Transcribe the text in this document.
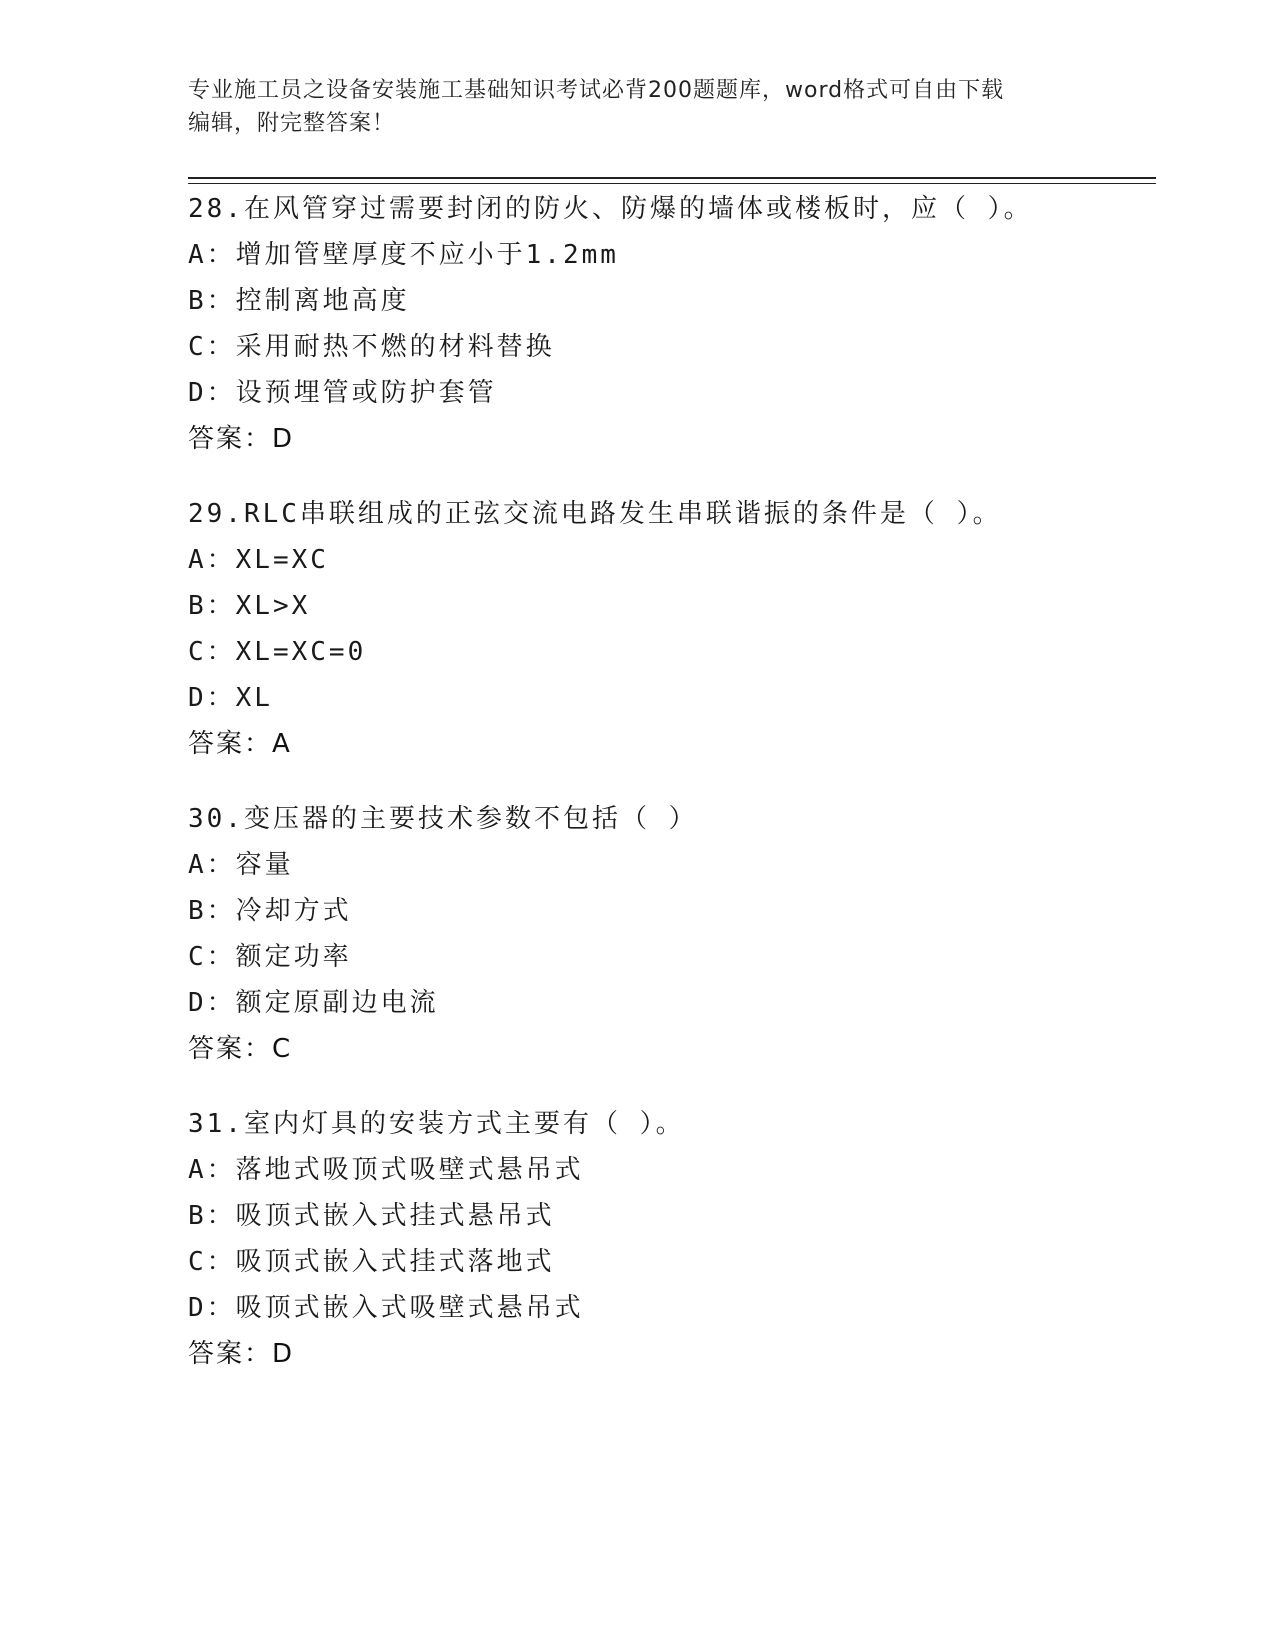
专业施工员之设备安装施工基础知识考试必背200题题库，word格式可自由下载
编辑，附完整答案！
28.在风管穿过需要封闭的防火、防爆的墙体或楼板时，应（ ）。
A：增加管壁厚度不应小于1.2mm
B：控制离地高度
C：采用耐热不燃的材料替换
D：设预埋管或防护套管
答案：D
29.RLC串联组成的正弦交流电路发生串联谐振的条件是（ ）。
A：XL=XC
B：XL>X
C：XL=XC=0
D：XL
答案：A
30.变压器的主要技术参数不包括（ ）
A：容量
B：冷却方式
C：额定功率
D：额定原副边电流
答案：C
31.室内灯具的安装方式主要有（ ）。
A：落地式吸顶式吸壁式悬吊式
B：吸顶式嵌入式挂式悬吊式
C：吸顶式嵌入式挂式落地式
D：吸顶式嵌入式吸壁式悬吊式
答案：D
